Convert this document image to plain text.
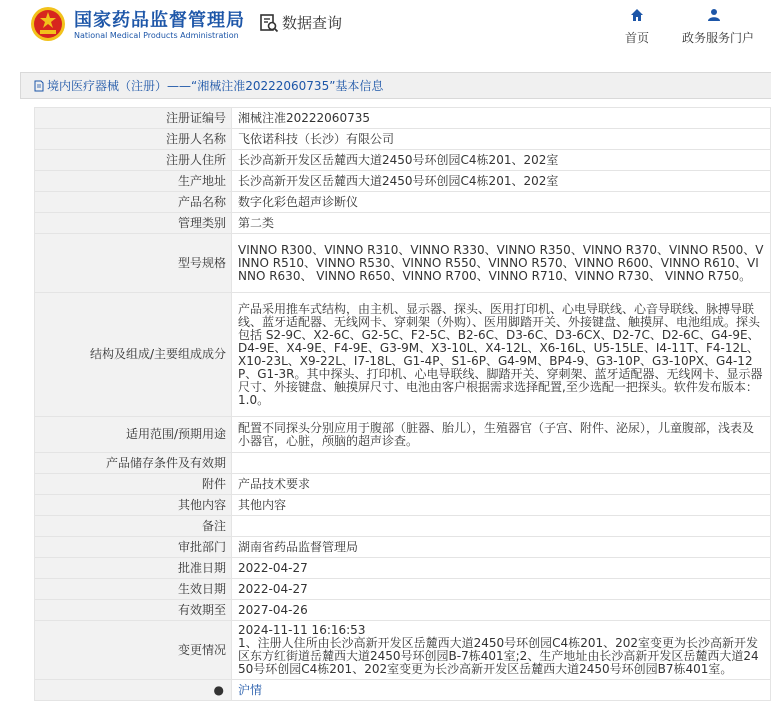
国家药品监督管理局
National Medical Products Administration
数据查询
首页	政务服务门户
境内医疗器械（注册）——“湘械注准20222060735”基本信息
注册证编号	湘械注准20222060735
注册人名称	飞依诺科技（长沙）有限公司
注册人住所	长沙高新开发区岳麓西大道2450号环创园C4栋201、202室
生产地址	长沙高新开发区岳麓西大道2450号环创园C4栋201、202室
产品名称	数字化彩色超声诊断仪
管理类别	第二类
型号规格	VINNO R300、VINNO R310、VINNO R330、VINNO R350、VINNO R370、VINNO R500、VINNO R510、VINNO R530、VINNO R550、VINNO R570、VINNO R600、VINNO R610、VINNO R630、 VINNO R650、VINNO R700、VINNO R710、VINNO R730、 VINNO R750。
结构及组成/主要组成成分	产品采用推车式结构，由主机、显示器、探头、医用打印机、心电导联线、心音导联线、脉搏导联线、蓝牙适配器、无线网卡、穿刺架（外购）、医用脚踏开关、外接键盘、触摸屏、电池组成。探头包括 S2-9C、X2-6C、G2-5C、F2-5C、B2-6C、D3-6C、D3-6CX、D2-7C、D2-6C、G4-9E、D4-9E、X4-9E、F4-9E、G3-9M、X3-10L、X4-12L、X6-16L、U5-15LE、I4-11T、F4-12L、X10-23L、X9-22L、I7-18L、G1-4P、S1-6P、G4-9M、BP4-9、G3-10P、G3-10PX、G4-12P、G1-3R。其中探头、打印机、心电导联线、脚踏开关、穿刺架、蓝牙适配器、无线网卡、显示器尺寸、外接键盘、触摸屏尺寸、电池由客户根据需求选择配置,至少选配一把探头。软件发布版本：1.0。
适用范围/预期用途	配置不同探头分别应用于腹部（脏器、胎儿），生殖器官（子宫、附件、泌尿），儿童腹部，浅表及小器官，心脏，颅脑的超声诊查。
产品储存条件及有效期	
附件	产品技术要求
其他内容	其他内容
备注	
审批部门	湖南省药品监督管理局
批准日期	2022-04-27
生效日期	2022-04-27
有效期至	2027-04-26
变更情况	2024-11-11 16:16:53
1、注册人住所由长沙高新开发区岳麓西大道2450号环创园C4栋201、202室变更为长沙高新开发区东方红街道岳麓西大道2450号环创园B-7栋401室;2、生产地址由长沙高新开发区岳麓西大道2450号环创园C4栋201、202室变更为长沙高新开发区岳麓西大道2450号环创园B7栋401室。
●	沪情
